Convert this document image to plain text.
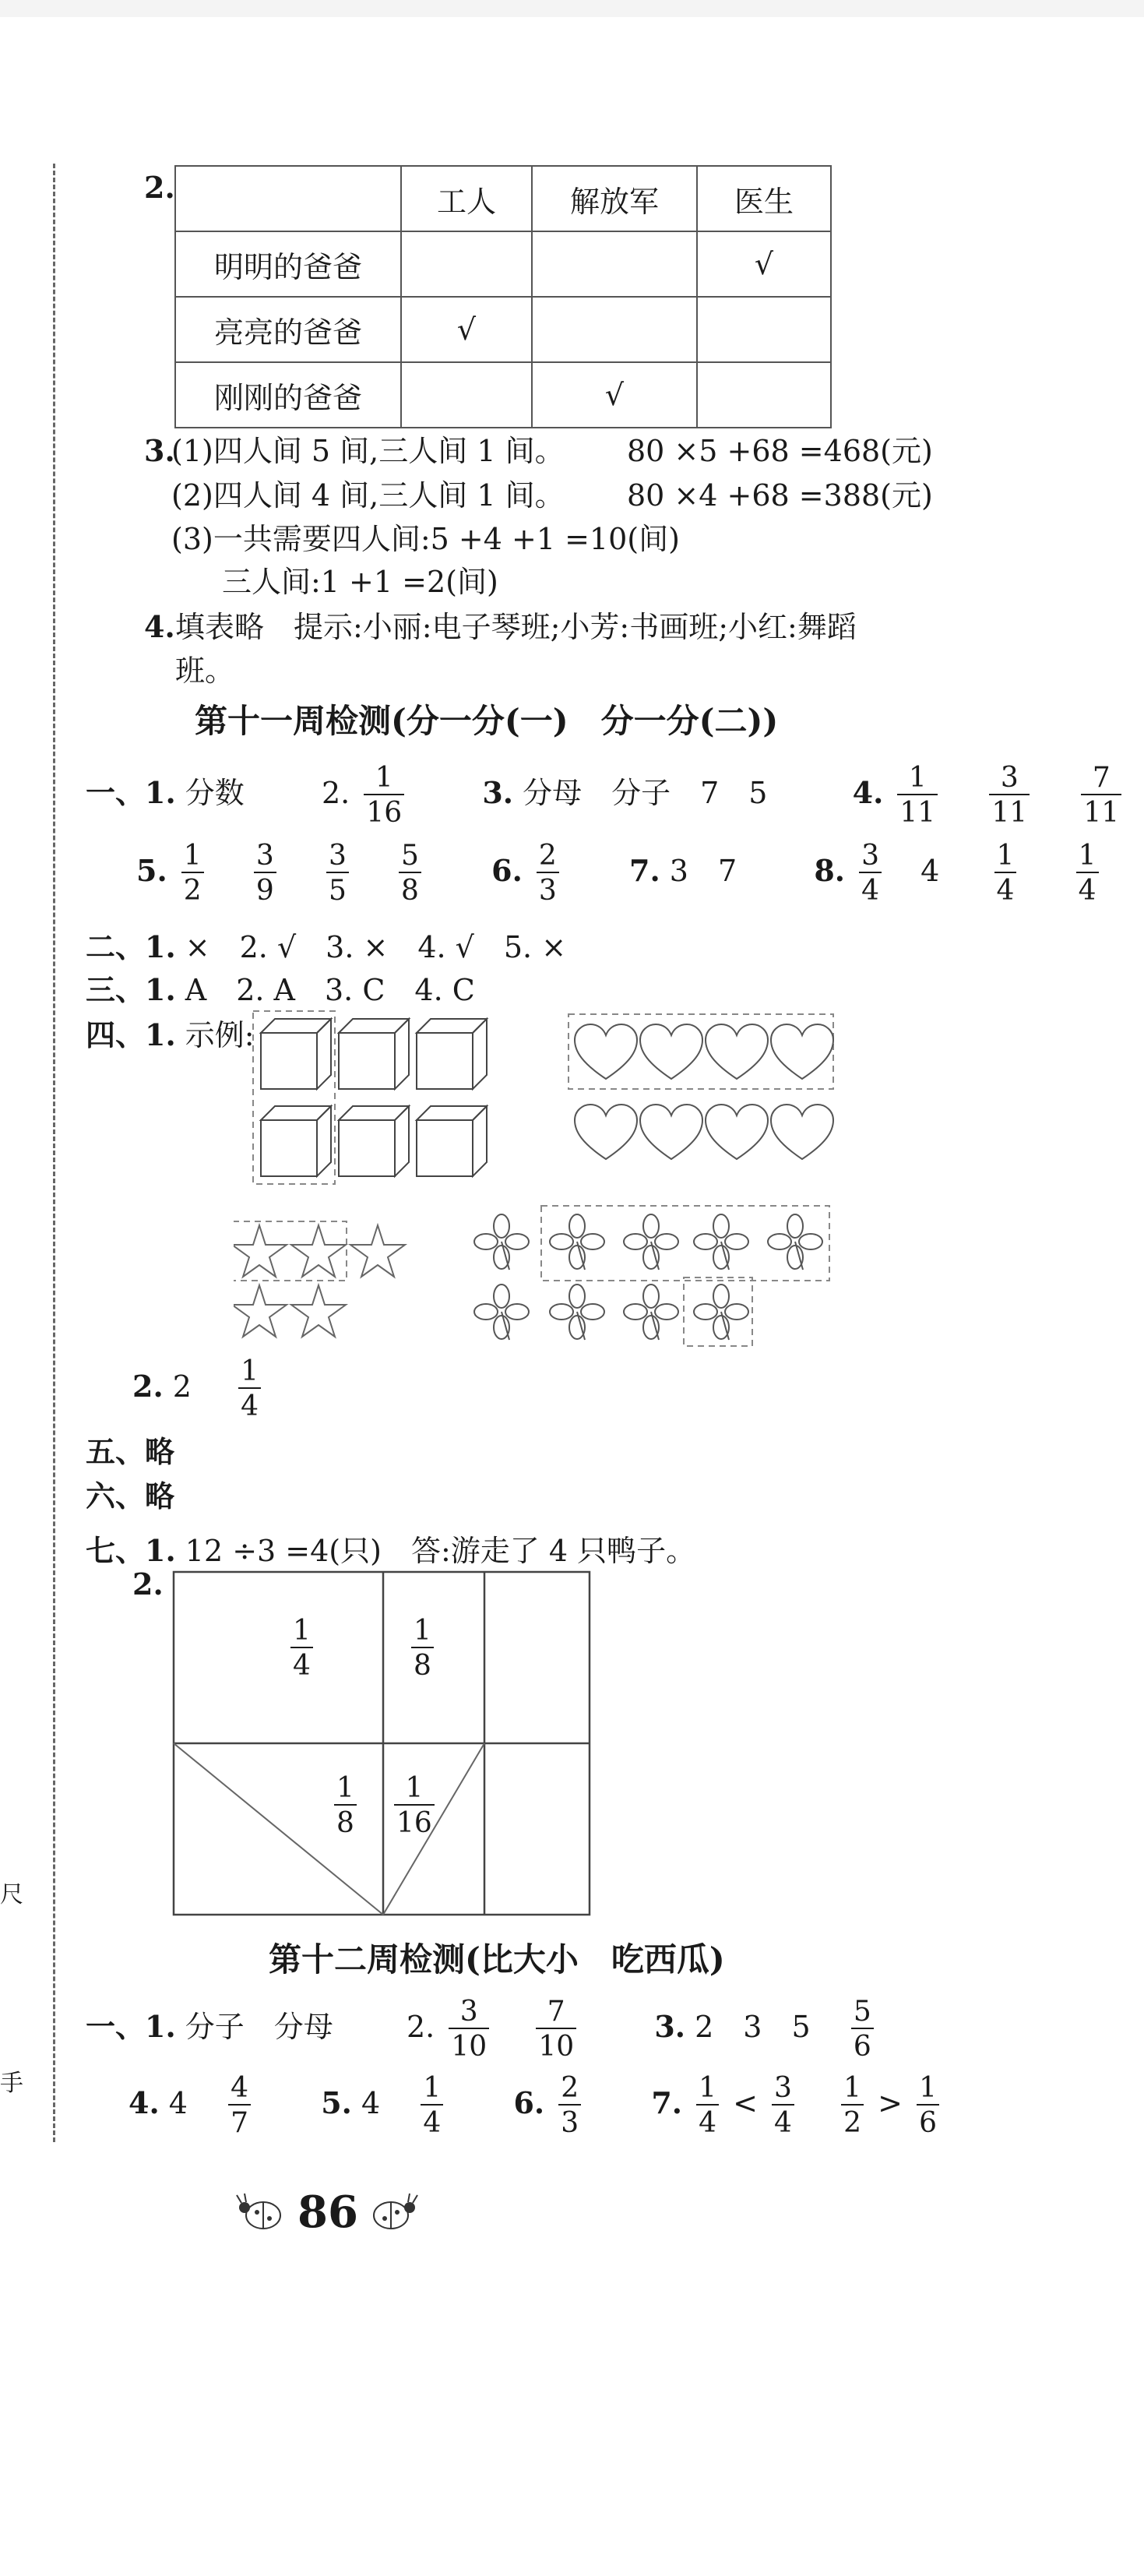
尺
手
2.
		工人	解放军	医生
明明的爸爸			√
亮亮的爸爸	√		
刚刚的爸爸		√	
3.
(1)四人间 5 间,三人间 1 间。 80 ×5 +68 =468(元)
(2)四人间 4 间,三人间 1 间。 80 ×4 +68 =388(元)
(3)一共需要四人间:5 +4 +1 =10(间)
三人间:1 +1 =2(间)
4. 填表略　提示:小丽:电子琴班;小芳:书画班;小红:舞蹈
班。
第十一周检测(分一分(一)　分一分(二))
一、1. 分数	2. $\frac{1}{16}$	3. 分母　分子　7　5	4. $\frac{1}{11}$
$\frac{3}{11}$
$\frac{7}{11}$
5. $\frac{1}{2}$
$\frac{3}{9}$
$\frac{3}{5}$
$\frac{5}{8} 6$. $\frac{2}{3} 7$. 3　7	8. $\frac{3}{4} 4 \frac{1}{4}$
$\frac{1}{4}$
二、1. ×　2. √　3. ×　4. √　5. ×
三、1. A　2. A　3. C　4. C
四、1. 示例:
2. $2 \frac{1}{4}$
五、略
六、略
七、1. 12 ÷3 =4(只)　答:游走了 4 只鸭子。
2.
$\frac{1}{4}$	$\frac{1}{8}$
$\frac{1}{8} \frac{1}{16}$
第十二周检测(比大小　吃西瓜)
一、1. 分子　分母 2. $\frac{3}{10}$
$\frac{7}{10}$	3. 2　3　$5 \frac{5}{6}$
4. $4 \frac{4}{7} 5$. $4 \frac{1}{4} 6$. $\frac{2}{3} 7$. $\frac{1}{4} < \frac{3}{4}$
$\frac{1}{2} > \frac{1}{6}$
86
